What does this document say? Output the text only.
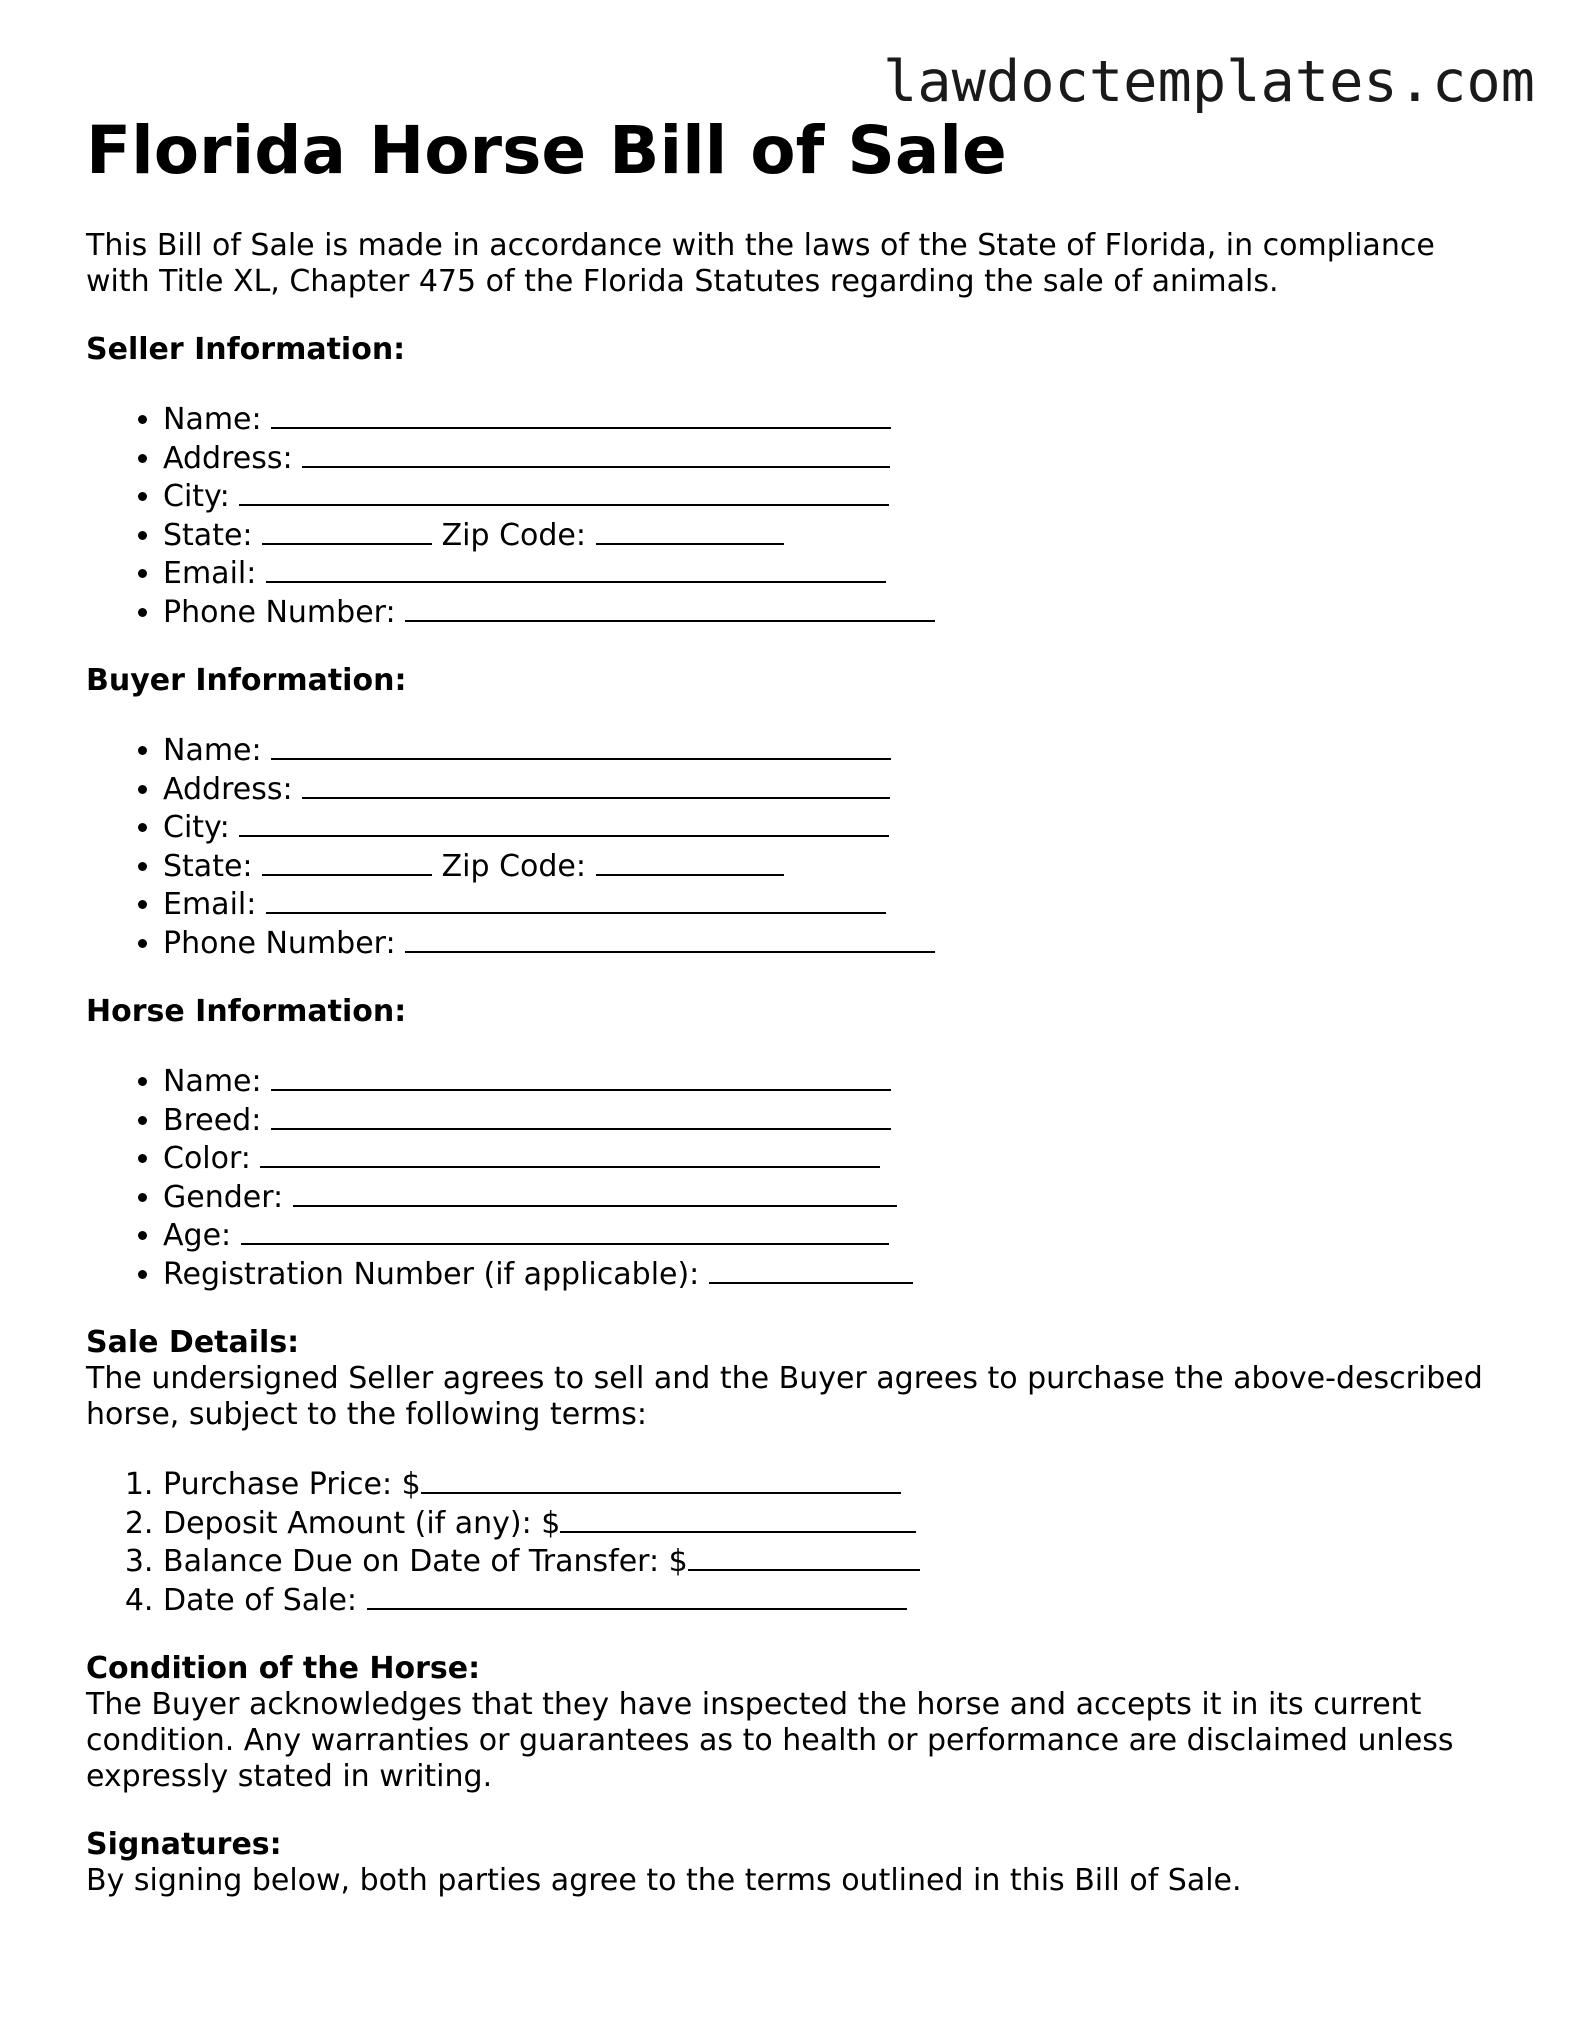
lawdoctemplates.com
Florida Horse Bill of Sale

This Bill of Sale is made in accordance with the laws of the State of Florida, in compliance with Title XL, Chapter 475 of the Florida Statutes regarding the sale of animals.

Seller Information:
• Name:
• Address:
• City:
• State:	Zip Code:
• Email:
• Phone Number:
Buyer Information:
• Name:
• Address:
• City:
• State:	Zip Code:
• Email:
• Phone Number:
Horse Information:
• Name:
• Breed:
• Color:
• Gender:
• Age:
• Registration Number (if applicable):
Sale Details:

The undersigned Seller agrees to sell and the Buyer agrees to purchase the above-described horse, subject to the following terms:

1. Purchase Price: $
2. Deposit Amount (if any): $
3. Balance Due on Date of Transfer: $
4. Date of Sale:
Condition of the Horse:

The Buyer acknowledges that they have inspected the horse and accepts it in its current condition. Any warranties or guarantees as to health or performance are disclaimed unless expressly stated in writing.

Signatures:

By signing below, both parties agree to the terms outlined in this Bill of Sale.
